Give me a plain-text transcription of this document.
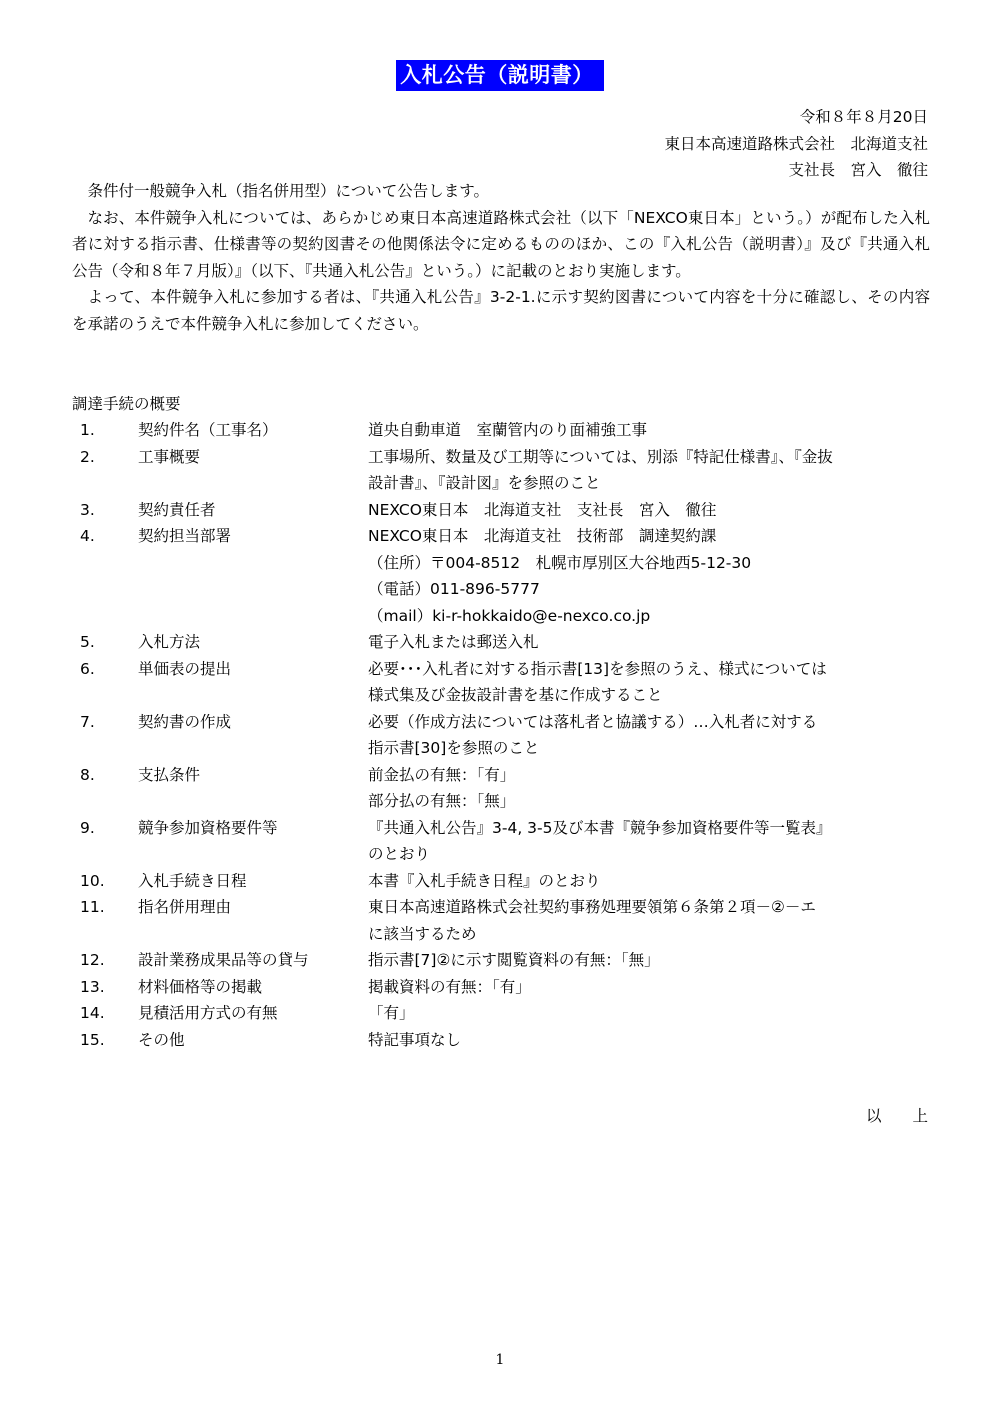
入札公告（説明書）
令和８年８月20日
東日本高速道路株式会社　北海道支社
支社長　宮入　徹往

条件付一般競争入札（指名併用型）について公告します。

なお、本件競争入札については、あらかじめ東日本高速道路株式会社（以下「NEXCO東日本」という。）が配布した入札者に対する指示書、仕様書等の契約図書その他関係法令に定めるもののほか、この『入札公告（説明書）』及び『共通入札公告（令和８年７月版）』（以下、『共通入札公告』という。）に記載のとおり実施します。

よって、本件競争入札に参加する者は、『共通入札公告』3-2-1.に示す契約図書について内容を十分に確認し、その内容を承諾のうえで本件競争入札に参加してください。

調達手続の概要
1.	契約件名（工事名）	道央自動車道　室蘭管内のり面補強工事
2.	工事概要	工事場所、数量及び工期等については、別添『特記仕様書』、『金抜
設計書』、『設計図』を参照のこと
3.	契約責任者	NEXCO東日本　北海道支社　支社長　宮入　徹往
4.	契約担当部署	NEXCO東日本　北海道支社　技術部　調達契約課
（住所）〒004-8512　札幌市厚別区大谷地西5-12-30
（電話）011-896-5777
（mail）ki-r-hokkaido@e-nexco.co.jp
5.	入札方法	電子入札または郵送入札
6.	単価表の提出	必要･･･入札者に対する指示書[13]を参照のうえ、様式については
様式集及び金抜設計書を基に作成すること
7.	契約書の作成	必要（作成方法については落札者と協議する）…入札者に対する
指示書[30]を参照のこと
8.	支払条件	前金払の有無：「有」
部分払の有無：「無」
9.	競争参加資格要件等	『共通入札公告』3-4, 3-5及び本書『競争参加資格要件等一覧表』
のとおり
10.	入札手続き日程	本書『入札手続き日程』のとおり
11.	指名併用理由	東日本高速道路株式会社契約事務処理要領第６条第２項－②－エ
に該当するため
12.	設計業務成果品等の貸与	指示書[7]②に示す閲覧資料の有無：「無」
13.	材料価格等の掲載	掲載資料の有無：「有」
14.	見積活用方式の有無	「有」
15.	その他	特記事項なし
以　　上
1
